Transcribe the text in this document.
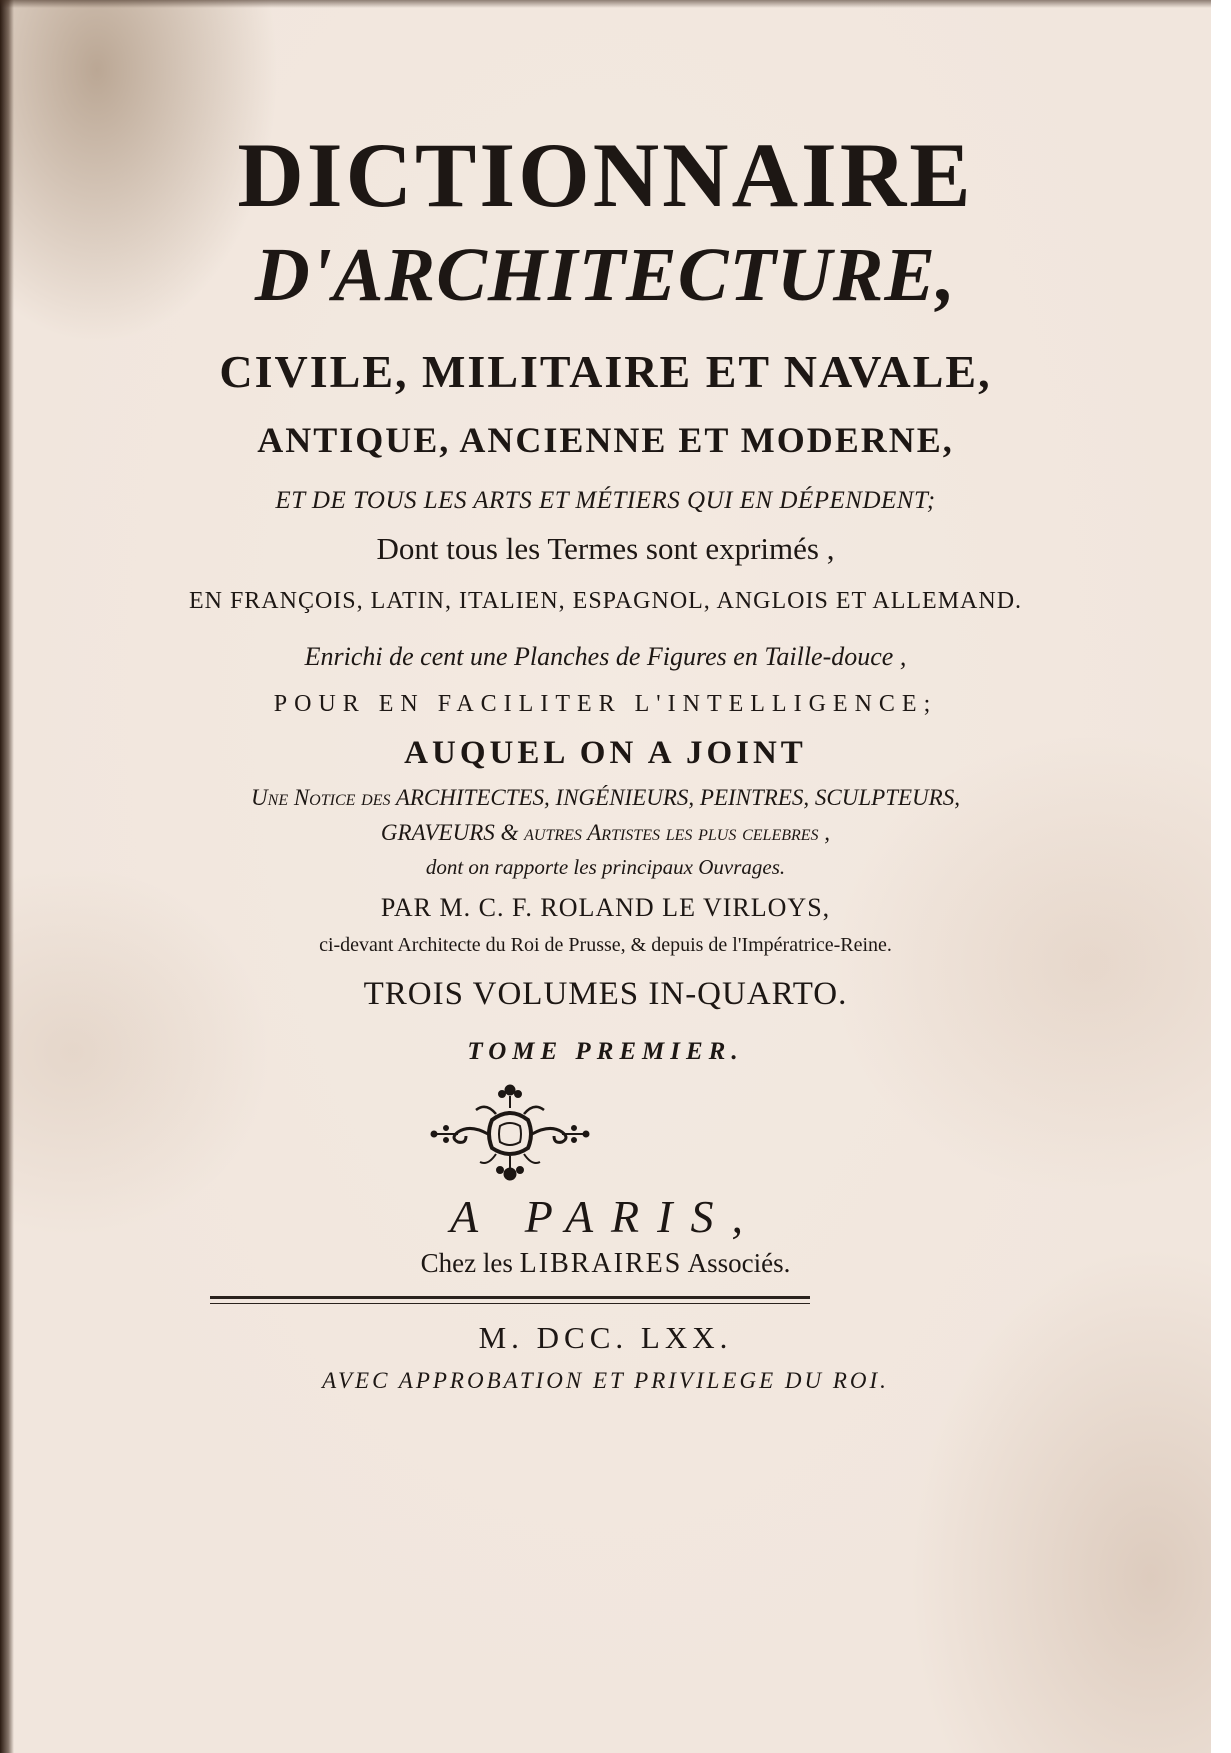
DICTIONNAIRE
D'ARCHITECTURE,
CIVILE, MILITAIRE ET NAVALE,
ANTIQUE, ANCIENNE ET MODERNE,
ET DE TOUS LES ARTS ET MÉTIERS QUI EN DÉPENDENT;
Dont tous les Termes sont exprimés ,
EN FRANÇOIS, LATIN, ITALIEN, ESPAGNOL, ANGLOIS ET ALLEMAND.
Enrichi de cent une Planches de Figures en Taille-douce ,
POUR EN FACILITER L'INTELLIGENCE;
AUQUEL ON A JOINT
Une Notice des ARCHITECTES, INGÉNIEURS, PEINTRES, SCULPTEURS,
GRAVEURS & autres Artistes les plus celebres ,
dont on rapporte les principaux Ouvrages.
PAR M. C. F. ROLAND LE VIRLOYS,
ci-devant Architecte du Roi de Prusse, & depuis de l'Impératrice-Reine.
TROIS VOLUMES IN-QUARTO.
TOME PREMIER.
A PARIS,
Chez les LIBRAIRES Associés.
M. DCC. LXX.
AVEC APPROBATION ET PRIVILEGE DU ROI.
